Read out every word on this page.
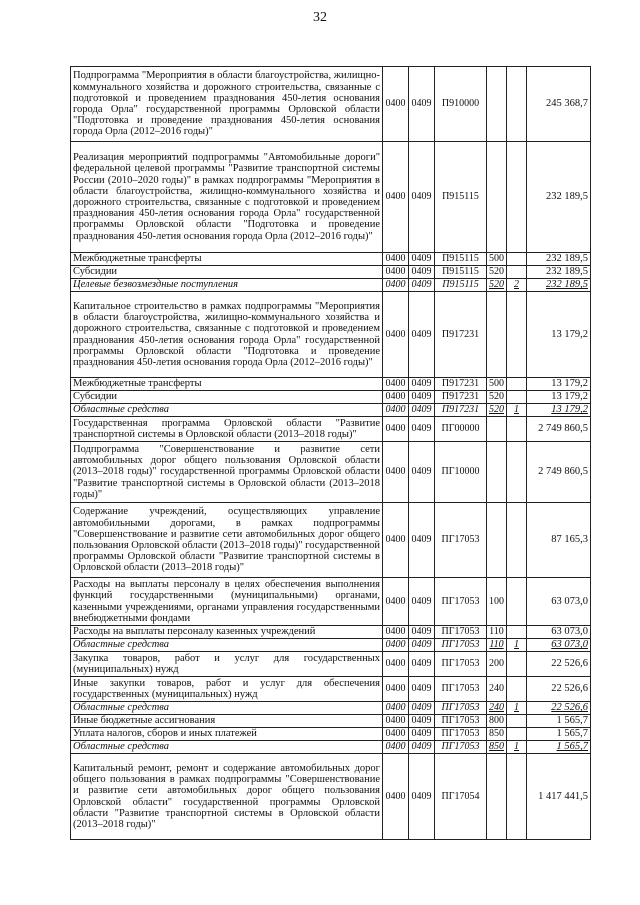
32
Подпрограмма "Мероприятия в области благоустройства, жилищно-коммунального хозяйства и дорожного строительства, связанные с подготовкой и проведением празднования 450-летия основания города Орла" государственной программы Орловской области "Подготовка и проведение празднования 450-летия основания города Орла (2012–2016 годы)"	0400	0409	П910000			245 368,7
Реализация мероприятий подпрограммы "Автомобильные дороги" федеральной целевой программы "Развитие транспортной системы России (2010–2020 годы)" в рамках подпрограммы "Мероприятия в области благоустройства, жилищно-коммунального хозяйства и дорожного строительства, связанные с подготовкой и проведением празднования 450-летия основания города Орла" государственной программы Орловской области "Подготовка и проведение празднования 450-летия основания города Орла (2012–2016 годы)"	0400	0409	П915115			232 189,5
Межбюджетные трансферты	0400	0409	П915115	500		232 189,5
Субсидии	0400	0409	П915115	520		232 189,5
Целевые безвозмездные поступления	0400	0409	П915115	520	2	232 189,5
Капитальное строительство в рамках подпрограммы "Мероприятия в области благоустройства, жилищно-коммунального хозяйства и дорожного строительства, связанные с подготовкой и проведением празднования 450-летия основания города Орла" государственной программы Орловской области "Подготовка и проведение празднования 450-летия основания города Орла (2012–2016 годы)"	0400	0409	П917231			13 179,2
Межбюджетные трансферты	0400	0409	П917231	500		13 179,2
Субсидии	0400	0409	П917231	520		13 179,2
Областные средства	0400	0409	П917231	520	1	13 179,2
Государственная программа Орловской области "Развитие транспортной системы в Орловской области (2013–2018 годы)"	0400	0409	ПГ00000			2 749 860,5
Подпрограмма "Совершенствование и развитие сети автомобильных дорог общего пользования Орловской области (2013–2018 годы)" государственной программы Орловской области "Развитие транспортной системы в Орловской области (2013–2018 годы)"	0400	0409	ПГ10000			2 749 860,5
Содержание учреждений, осуществляющих управление автомобильными дорогами, в рамках подпрограммы "Совершенствование и развитие сети автомобильных дорог общего пользования Орловской области (2013–2018 годы)" государственной программы Орловской области "Развитие транспортной системы в Орловской области (2013–2018 годы)"	0400	0409	ПГ17053			87 165,3
Расходы на выплаты персоналу в целях обеспечения выполнения функций государственными (муниципальными) органами, казенными учреждениями, органами управления государственными внебюджетными фондами	0400	0409	ПГ17053	100		63 073,0
Расходы на выплаты персоналу казенных учреждений	0400	0409	ПГ17053	110		63 073,0
Областные средства	0400	0409	ПГ17053	110	1	63 073,0
Закупка товаров, работ и услуг для государственных (муниципальных) нужд	0400	0409	ПГ17053	200		22 526,6
Иные закупки товаров, работ и услуг для обеспечения государственных (муниципальных) нужд	0400	0409	ПГ17053	240		22 526,6
Областные средства	0400	0409	ПГ17053	240	1	22 526,6
Иные бюджетные ассигнования	0400	0409	ПГ17053	800		1 565,7
Уплата налогов, сборов и иных платежей	0400	0409	ПГ17053	850		1 565,7
Областные средства	0400	0409	ПГ17053	850	1	1 565,7
Капитальный ремонт, ремонт и содержание автомобильных дорог общего пользования в рамках подпрограммы "Совершенствование и развитие сети автомобильных дорог общего пользования Орловской области" государственной программы Орловской области "Развитие транспортной системы в Орловской области (2013–2018 годы)"	0400	0409	ПГ17054			1 417 441,5
